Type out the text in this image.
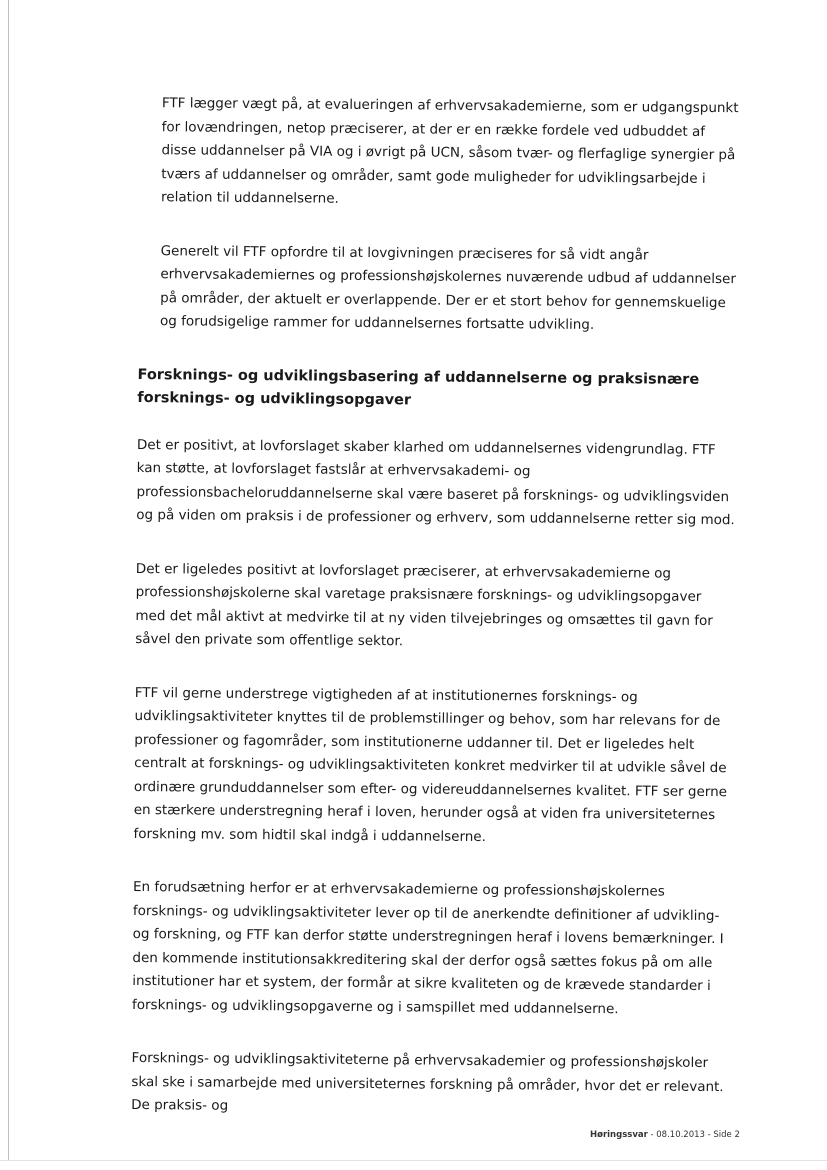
FTF lægger vægt på, at evalueringen af erhvervsakademierne, som er udgangspunkt for lovændringen, netop præciserer, at der er en række fordele ved udbuddet af disse uddannelser på VIA og i øvrigt på UCN, såsom tvær- og flerfaglige synergier på tværs af uddannelser og områder, samt gode muligheder for udviklingsarbejde i relation til uddannelserne.

Generelt vil FTF opfordre til at lovgivningen præciseres for så vidt angår erhvervsakademiernes og professionshøjskolernes nuværende udbud af uddannelser på områder, der aktuelt er overlappende. Der er et stort behov for gennemskuelige og forudsigelige rammer for uddannelsernes fortsatte udvikling.

Forsknings- og udviklingsbasering af uddannelserne og praksisnære forsknings- og udviklingsopgaver

Det er positivt, at lovforslaget skaber klarhed om uddannelsernes videngrundlag. FTF kan støtte, at lovforslaget fastslår at erhvervsakademi- og professionsbacheloruddannelserne skal være baseret på forsknings- og udviklingsviden og på viden om praksis i de professioner og erhverv, som uddannelserne retter sig mod.

Det er ligeledes positivt at lovforslaget præciserer, at erhvervsakademierne og professionshøjskolerne skal varetage praksisnære forsknings- og udviklingsopgaver med det mål aktivt at medvirke til at ny viden tilvejebringes og omsættes til gavn for såvel den private som offentlige sektor.

FTF vil gerne understrege vigtigheden af at institutionernes forsknings- og udviklingsaktiviteter knyttes til de problemstillinger og behov, som har relevans for de professioner og fagområder, som institutionerne uddanner til. Det er ligeledes helt centralt at forsknings- og udviklingsaktiviteten konkret medvirker til at udvikle såvel de ordinære grunduddannelser som efter- og videreuddannelsernes kvalitet. FTF ser gerne en stærkere understregning heraf i loven, herunder også at viden fra universiteternes forskning mv. som hidtil skal indgå i uddannelserne.

En forudsætning herfor er at erhvervsakademierne og professionshøjskolernes forsknings- og udviklingsaktiviteter lever op til de anerkendte definitioner af udvikling- og forskning, og FTF kan derfor støtte understregningen heraf i lovens bemærkninger. I den kommende institutionsakkreditering skal der derfor også sættes fokus på om alle institutioner har et system, der formår at sikre kvaliteten og de krævede standarder i forsknings- og udviklingsopgaverne og i samspillet med uddannelserne.

Forsknings- og udviklingsaktiviteterne på erhvervsakademier og professionshøjskoler skal ske i samarbejde med universiteternes forskning på områder, hvor det er relevant. De praksis- og

Høringssvar - 08.10.2013 - Side 2
